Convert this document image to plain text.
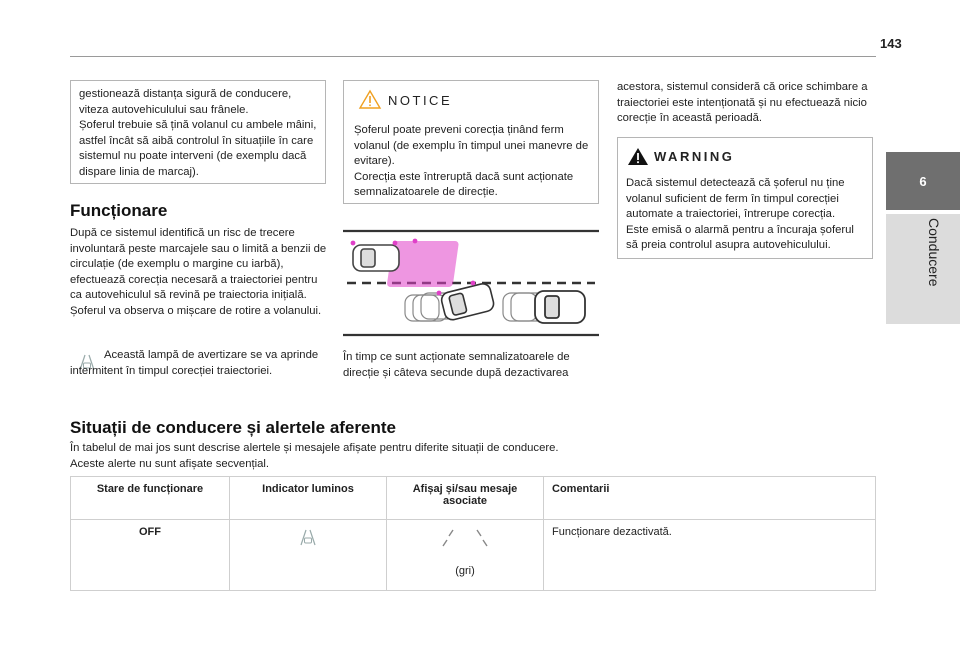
143
6
Conducere
gestionează distanța sigură de conducere, viteza autovehiculului sau frânele.
Șoferul trebuie să țină volanul cu ambele mâini, astfel încât să aibă controlul în situațiile în care sistemul nu poate interveni (de exemplu dacă dispare linia de marcaj).
Funcționare
După ce sistemul identifică un risc de trecere involuntară peste marcajele sau o limită a benzii de circulație (de exemplu o margine cu iarbă), efectuează corecția necesară a traiectoriei pentru ca autovehiculul să revină pe traiectoria inițială.
Șoferul va observa o mișcare de rotire a volanului.
Această lampă de avertizare se va aprinde intermitent în timpul corecției traiectoriei.
NOTICE
Șoferul poate preveni corecția ținând ferm volanul (de exemplu în timpul unei manevre de evitare).
Corecția este întreruptă dacă sunt acționate semnalizatoarele de direcție.
În timp ce sunt acționate semnalizatoarele de direcție și câteva secunde după dezactivarea
acestora, sistemul consideră că orice schimbare a traiectoriei este intenționată și nu efectuează nicio corecție în această perioadă.
WARNING
Dacă sistemul detectează că șoferul nu ține volanul suficient de ferm în timpul corecției automate a traiectoriei, întrerupe corecția.
Este emisă o alarmă pentru a încuraja șoferul să preia controlul asupra autovehiculului.
Situații de conducere și alertele aferente
În tabelul de mai jos sunt descrise alertele și mesajele afișate pentru diferite situații de conducere.
Aceste alerte nu sunt afișate secvențial.
Stare de funcționare	Indicator luminos	Afișaj și/sau mesaje asociate	Comentarii
OFF		(gri)	Funcționare dezactivată.
